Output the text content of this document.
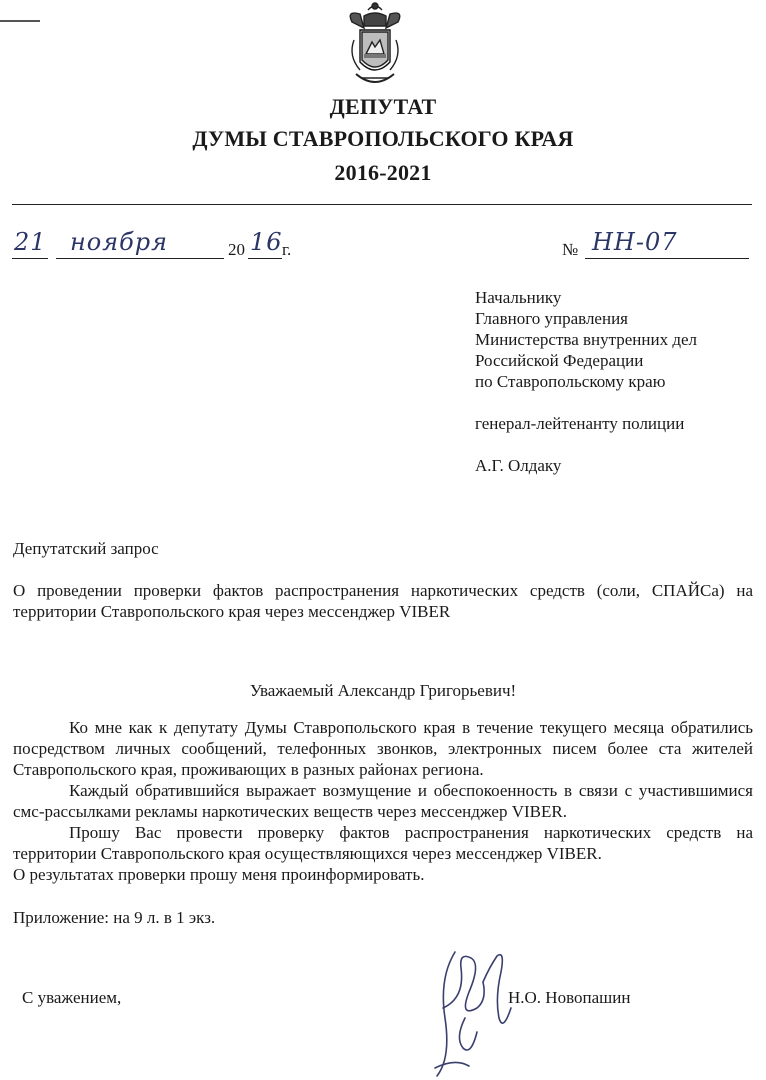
ДЕПУТАТ
ДУМЫ СТАВРОПОЛЬСКОГО КРАЯ
2016-2021
21 ноября	20 16 г.	№ НН-07
Начальнику
Главного управления
Министерства внутренних дел
Российской Федерации
по Ставропольскому краю
генерал-лейтенанту полиции
А.Г. Олдаку
Депутатский запрос
О проведении проверки фактов распространения наркотических средств (соли, СПАЙСа) на территории Ставропольского края через мессенджер VIBER
Уважаемый Александр Григорьевич!

Ко мне как к депутату Думы Ставропольского края в течение текущего месяца обратились посредством личных сообщений, телефонных звонков, электронных писем более ста жителей Ставропольского края, проживающих в разных районах региона.

Каждый обратившийся выражает возмущение и обеспокоенность в связи с участившимися смс-рассылками рекламы наркотических веществ через мессенджер VIBER.

Прошу Вас провести проверку фактов распространения наркотических средств на территории Ставропольского края осуществляющихся через мессенджер VIBER.

О результатах проверки прошу меня проинформировать.

Приложение: на 9 л. в 1 экз.
С уважением,	Н.О. Новопашин
